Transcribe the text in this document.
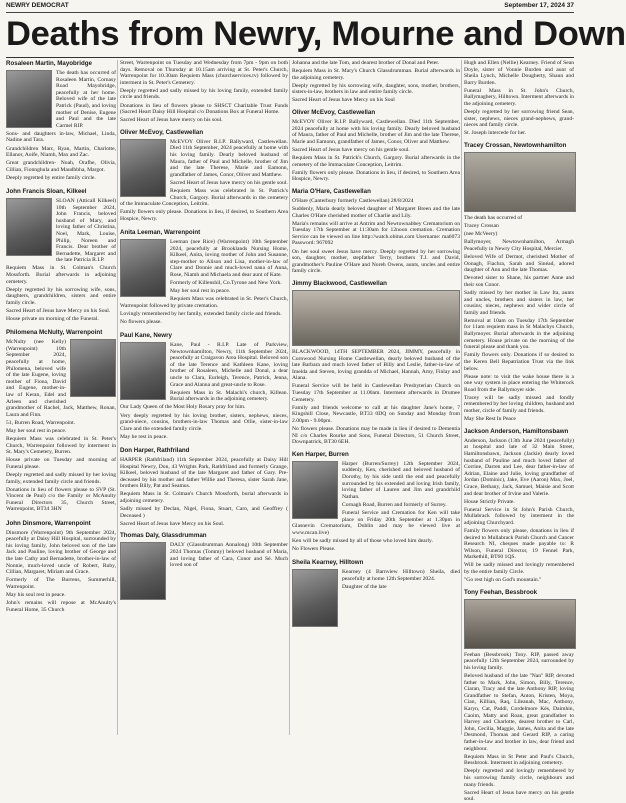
NEWRY DEMOCRAT	September 17, 2024 37
Deaths from Newry, Mourne and Down
Rosaleen Martin, Mayobridge
The death has occurred of Rosaleen Martin, Cornasy Road Mayobridge, peacefully at her home. Beloved wife of the late Patrick (Paud), and loving mother of Denise, Eugene and Paul and the late Carmel RIP.
Sons- and daughters in-law, Michael, Linda, Nadine and Tara.
Grandchildren Marc, Ryan, Martin, Charlotte, Ellanor, Aoife, Niamh, Max and Zac.
Great grandchildren- Noah, Orafhe, Olivia, Cillian, Fionnghula and Maudhbha, Margot.
Deeply regretted by entire family circle.
John Francis Sloan, Kilkeel
SLOAN (Atticall Kilkeel) 10th September 2024, John Francis, beloved husband of Mary, and loving father of Christina, Noel, Mark, Louise, Philip, Noreen and Francis. Dear brother of Bernadette, Margaret and the late Patricia R.I.P.
Requiem Mass in St. Colman's Church Mossforth. Burial afterwards in adjoining cemetery.
Deeply regretted by his sorrowing wife, sons, daughters, grandchildren, sisters and entire family circle.
Sacred Heart of Jesus have Mercy on his Soul.
House private on morning of the Funeral.
Philomena McNulty, Warrenpoint
McNulty (nee Kelly)(Warrenpoint) 10th September 2024, peacefully at home, Philomena, beloved wife of the late Eugene, loving mother of Fiona, David and Eugene, mother-in-law of Keran, Edel and Arleen and cherished grandmother of Rachel, Jack, Matthew, Ronan, Laura and Finn.
51, Burren Road, Warrenpoint.
May her soul rest in peace.
Requiem Mass was celebrated in St. Peter's Church, Warrenpoint followed by interment in St. Mary's Cemetery, Burren.
House private on Tuesday and morning of Funeral please.
Deeply regretted and sadly missed by her loving family, extended family circle and friends.
Donations in lieu of flowers please to SVP (St. Vincent de Paul) c/o the Family or McAnulty Funeral Directors 35, Church Street, Warrenpoint, BT34 3HN
John Dinsmore, Warrenpoint
Dinsmore (Warrenpoint) 9th September 2024, peacefully at Daisy Hill Hospital, surrounded by his loving family, John beloved son of the late Jack and Pauline, loving brother of George and the late Cathy and Bernadette, brother-in-law of Nonnie, much-loved uncle of Robert, Ruby, Cillian, Margaret, Miriam and Grace.
Formerly of The Burrens, Summerhill, Warrenpoint.
May his soul rest in peace.
John's remains will repose at McAnulty's Funeral Home, 35 Church
Street, Warrenpoint on Tuesday and Wednesday from 7pm - 9pm on both days. Removal on Thursday at 10.15am arriving at St. Peter's Church, Warrenpoint for 10.30am Requiem Mass (churchservices.tv) followed by interment in St. Peter's Cemetery.
Deeply regretted and sadly missed by his loving family, extended family circle and friends.
Donations in lieu of flowers please to SHSCT Charitable Trust Funds (Sacred Heart Daisy Hill Hospital c/o Donations Box at Funeral Home.
Sacred Heart of Jesus have mercy on his soul.
Oliver McEvoy, Castlewellan
McEVOY Oliver R.I.P. Ballyward, Castlewellan. Died 11th September, 2024 peacefully at home with his loving family. Dearly beloved husband of Maura, father of Paul and Michelle, brother of Jim and the late Therese, Marie and Eamonn, grandfather of James, Conor, Oliver and Matthew.
Sacred Heart of Jesus have mercy on his gentle soul.
Requiem Mass was celebrated in St. Patrick's Church, Gargory. Burial afterwards in the cemetery of the Immaculate Conception, Leitrim.
Family flowers only please. Donations in lieu, if desired, to Southern Area Hospice, Newry.
Anita Leeman, Warrenpoint
Leeman (nee Rice) (Warrenpoint) 10th September 2024, peacefully at Brooklands Nursing Home, Kilkeel, Anita, loving mother of John and Susanne, step-mother to Alison and Lisa, mother-in-law of Clare and Donnie and much-loved nana of Anna, Rose, Niamh and Michaela and dear aunt of Kate.
Formerly of Killenshil, Co.Tyrone and New York.
May her soul rest in peace.
Requiem Mass was celebrated in St. Peter's Church, Warrenpoint followed by private cremation.
Lovingly remembered by her family, extended family circle and friends.
No flowers please.
Paul Kane, Newry
Kane, Paul - R.I.P. Late of Parkview, Newtownhamilton, Newry, 11th September 2024, peacefully at Craigavon Area Hospital. Beloved son of the late Terence and Kathleen Kane, loving brother of Rosaleen, Michelle and Donal, a dear uncle to Clara, Eurleigh, Terence, Patrick, Jenna, Grace and Alanna and great-uncle to Rose.
Requiem Mass in St. Malachi's church, Killean. Burial afterwards in the adjoining cemetery.
Our Lady Queen of the Most Holy Rosary pray for him.
Very deeply regretted by his loving brother, sisters, nephews, nieces, grand-niece, cousins, brothers-in-law Thomas and Ollie, sister-in-law Clare and the extended family circle.
May he rest in peace.
Don Harper, Rathfriland
HARPER (Rathfriland) 11th September 2024, peacefully at Daisy Hill Hospital Newry, Don, 43 Wrights Park, Rathfriland and formerly Grange, Kilkeel, beloved husband of the late Margaret and father of Gary. Pre-deceased by his mother and father Willie and Theresa, sister Sarah Jane, brothers Billy, Pat and Seamus.
Requiem Mass in St. Colman's Church Mossforth, burial afterwards in adjoining cemetery.
Sadly missed by Declan, Nigel, Fiona, Stuart, Caro, and Geoffrey ( Deceased )
Sacred Heart of Jesus have Mercy on his Soul.
Thomas Daly, Glassdrumman
DALY (Glassdrumman Annalong) 10th September 2024 Thomas (Tommy) beloved husband of Maria, and loving father of Cara, Conor and Sé. Much loved son of
Johanna and the late Tom, and dearest brother of Donal and Peter.
Requiem Mass in St. Mary's Church Glassdrumman. Burial afterwards in the adjoining cemetery.
Deeply regretted by his sorrowing wife, daughter, sons, mother, brothers, sisters-in-law, brothers in law and entire family circle.
Sacred Heart of Jesus have Mercy on his Soul
Oliver McEvoy, Castlewellan
McEVOY Oliver R.I.P. Ballyward, Castlewellan. Died 11th September, 2024 peacefully at home with his loving family. Dearly beloved husband of Maura, father of Paul and Michelle, brother of Jim and the late Therese, Marie and Eamonn, grandfather of James, Conor, Oliver and Matthew.
Sacred Heart of Jesus have mercy on his gentle soul.
Requiem Mass in St. Patrick's Church, Gargory. Burial afterwards in the cemetery of the Immaculate Conception, Leitrim.
Family flowers only please. Donations in lieu, if desired, to Southern Area Hospice, Newry.
Maria O'Hare, Castlewellan
O'Hare (Canterbury formerly Castlewellan) 28/8/2024
Suddenly, Maria dearly beloved daughter of Margaret Breen and the late Charles O'Hare cherished mother of Charlie and Lily.
Maria's remains will arrive at Antrim and Newtownabbey Crematorium on Tuesday 17th September at 11:30am for 12noon cremation. Cremation Service can be viewed on line http://watch.obitus.com Username: ma6073 Password: 967092
On her soul sweet Jesus have mercy. Deeply regretted by her sorrowing son, daughter, mother, stepfather Terry, brothers T.J. and David, grandmother's Pauline O'Hare and Noreh Owens, aunts, uncles and entire family circle.
Jimmy Blackwood, Castlewellan
BLACKWOOD, 14TH SEPTEMBER 2024, JIMMY, peacefully in Cornwood Nursing Home Castlewellan, dearly beloved husband of the late Barbara and much loved father of Billy and Leslie, father-in-law of Imelda and Steven, loving grandda of Michael, Hannah, Amy, Finlay and Alana.
Funeral Service will be held in Castlewellan Presbyterian Church on Tuesday 17th September at 11.00am. Interment afterwards in Drumee Cemetery.
Family and friends welcome to call at his daughter Jane's home, 7 Kingshill Close, Newcastle, BT33 0DQ on Sunday and Monday from 2.00pm - 9.00pm.
No flowers please. Donations may be made in lieu if desired to Dementia NI c/o Charles Rourke and Sons, Funeral Directors, 51 Church Street, Downpatrick, BT30 6EH.
Ken Harper, Burren
Harper (Burren/Surrey) 12th September 2024, suddenly, Ken, cherished and beloved husband of Dorothy, by his side until the end and peacefully surrounded by his extended and loving Irish family, loving father of Lauren and Jim and grandchild Nathan.
Cornagh Road, Burren and formerly of Surrey.
Funeral Service and Cremation for Ken will take place on Friday 20th September at 1.30pm in Glasnevin Crematorium, Dublin and may be viewed live at www.mcan.live)
Ken will be sadly missed by all of those who loved him dearly.
No Flowers Please.
Sheila Kearney, Hilltown
Kearney (4 Barnview Hilltown) Sheila, died peacefully at home 12th September 2024.
Daughter of the late
Hugh and Ellen (Nellie) Kearney. Friend of Sean Doyle, sister of Vonnie Burden and aunt of Sheila Lynch, Michelle Dougherty, Shaun and Barry Burden.
Funeral Mass in St. John's Church, Ballymaghery, Hilltown. Interment afterwards in the adjoining cemetery.
Deeply regretted by her sorrowing friend Sean, sister, nephews, nieces grand-nephews, grand-nieces and family circle.
St. Joseph intercede for her.
Tracey Crossan, Newtownhamilton
The death has occurred of
Tracey Crossan
(nee McVeery)
Ballymoyer, Newtownhamilton, Armagh Peacefully in Newry City Hospital, Mercier.
Beloved Wife of Dermot, cherished Mother of Oonagh, Fiachra, Sarah and Sinéad, adored daughter of Ann and the late Thomas.
Devoted sister to Shane, his partner Anne and their son Conor.
Sadly missed by her mother in Law Ita, aunts and uncles, brothers and sisters in law, her cousins; nieces, nephews and wider circle of family and friends.
Removal at 10am on Tuesday 17th September for 11am requiem mass in St Malachys Church, Ballymoyer. Burial afterwards in the adjoining cemetery. House private on the morning of the funeral please and thank you.
Family flowers only. Donations if so desired to the Keren Bell Repatriation Trust via the link below.
Please note: to visit the wake house there is a one way system in place entering the Whiterock Road from the Ballymoyer side.
Tracey will be sadly missed and fondly remembered by her loving children, husband and mother, circle of family and friends.
May She Rest In Peace
Jackson Anderson, Hamiltonsbawn
Anderson, Jackson (13th June 2024 (peacefully) at hospital and late of 32 Main Street, Hamiltonsbawn, Jackson (Jackie) dearly loved husband of Pauline and much loved father of Corrine, Darren and Lee, dear father-in-law of Adrian, Elaine and Julie, loving grandfather of Jordan (Dominic), Jake, Eve (Aaron) Max, Joel, Grace, Bethany, Jack, Samuel, Maisie and Scott and dear brother of Irvine and Valerie.
House Strictly Private.
Funeral Service in St John's Parish Church, Mullabrack followed by interment in the adjoining Churchyard.
Family flowers only please, donations in lieu if desired to Mullabrack Parish Church and Cancer Research NI, cheques made payable to: R Wilson, Funeral Director, 19 Fennel Park, Markethill, BT60 1QS.
Will be sadly missed and lovingly remembered by the entire family Circle.
"Go rest high on God's mountain."
Tony Feehan, Bessbrook
Feehan (Bessbrook) Tony. RIP, passed away peacefully 12th September 2024, surrounded by his loving family.
Beloved husband of the late "Nan" RIP, devoted father to Mark, John, Simon, Billy, Terence, Ciaran, Tracy and the late Anthony RIP, loving Grandfather to Stefan, Anton, Kristen, Moya, Cian, Killian, Raq, Lileanah, Mac, Anthony, Karyn, Cat, Paddi, Cordelmore Kés, Daimhin, Caoim, Matty and Roan, great grandfather to Harvey and Charlotte, dearest brother to Carl, John, Cecilia, Maggie, James, Anita and the late Desmond, Thomas and Gerard RIP, a caring father-in-law and brother in law, dear friend and neighbour.
Requiem Mass in St Peter and Paul's Church, Bessbrook. Interment in adjoining cemetery.
Deeply regretted and lovingly remembered by his sorrowing family circle, neighbours and many friends.
Sacred Heart of Jesus have mercy on his gentle soul.
